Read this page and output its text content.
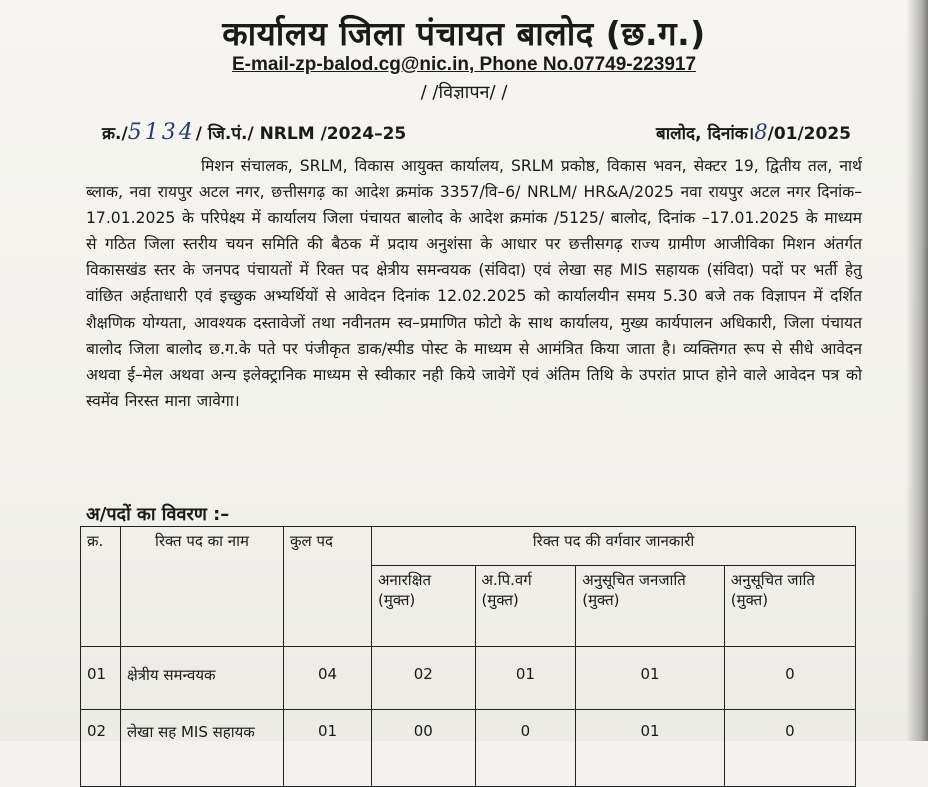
कार्यालय जिला पंचायत बालोद (छ.ग.)
E-mail-zp-balod.cg@nic.in, Phone No.07749-223917
/ /विज्ञापन/ /
क्र./5134/ जि.पं./ NRLM /2024–25	बालोद, दिनांक।8/01/2025
मिशन संचालक, SRLM, विकास आयुक्त कार्यालय, SRLM प्रकोष्ठ, विकास भवन, सेक्टर 19, द्वितीय तल, नार्थ ब्लाक, नवा रायपुर अटल नगर, छत्तीसगढ़ का आदेश क्रमांक 3357/वि–6/ NRLM/ HR&A/2025 नवा रायपुर अटल नगर दिनांक–17.01.2025 के परिपेक्ष्य में कार्यालय जिला पंचायत बालोद के आदेश क्रमांक /5125/ बालोद, दिनांक –17.01.2025 के माध्यम से गठित जिला स्तरीय चयन समिति की बैठक में प्रदाय अनुशंसा के आधार पर छत्तीसगढ़ राज्य ग्रामीण आजीविका मिशन अंतर्गत विकासखंड स्तर के जनपद पंचायतों में रिक्त पद क्षेत्रीय समन्वयक (संविदा) एवं लेखा सह MIS सहायक (संविदा) पदों पर भर्ती हेतु वांछित अर्हताधारी एवं इच्छुक अभ्यर्थियों से आवेदन दिनांक 12.02.2025 को कार्यालयीन समय 5.30 बजे तक विज्ञापन में दर्शित शैक्षणिक योग्यता, आवश्यक दस्तावेजों तथा नवीनतम स्व–प्रमाणित फोटो के साथ कार्यालय, मुख्य कार्यपालन अधिकारी, जिला पंचायत बालोद जिला बालोद छ.ग.के पते पर पंजीकृत डाक/स्पीड पोस्ट के माध्यम से आमंत्रित किया जाता है। व्यक्तिगत रूप से सीधे आवेदन अथवा ई–मेल अथवा अन्य इलेक्ट्रानिक माध्यम से स्वीकार नही किये जावेगें एवं अंतिम तिथि के उपरांत प्राप्त होने वाले आवेदन पत्र को स्वमेंव निरस्त माना जावेगा।
अ/पदों का विवरण :–
क्र.	रिक्त पद का नाम	कुल पद	रिक्त पद की वर्गवार जानकारी			
			अनारक्षित (मुक्त)	अ.पि.वर्ग (मुक्त)	अनुसूचित जनजाति (मुक्त)	अनुसूचित जाति (मुक्त)
01	क्षेत्रीय समन्वयक	04	02	01	01	0
02	लेखा सह MIS सहायक	01	00	0	01	0
